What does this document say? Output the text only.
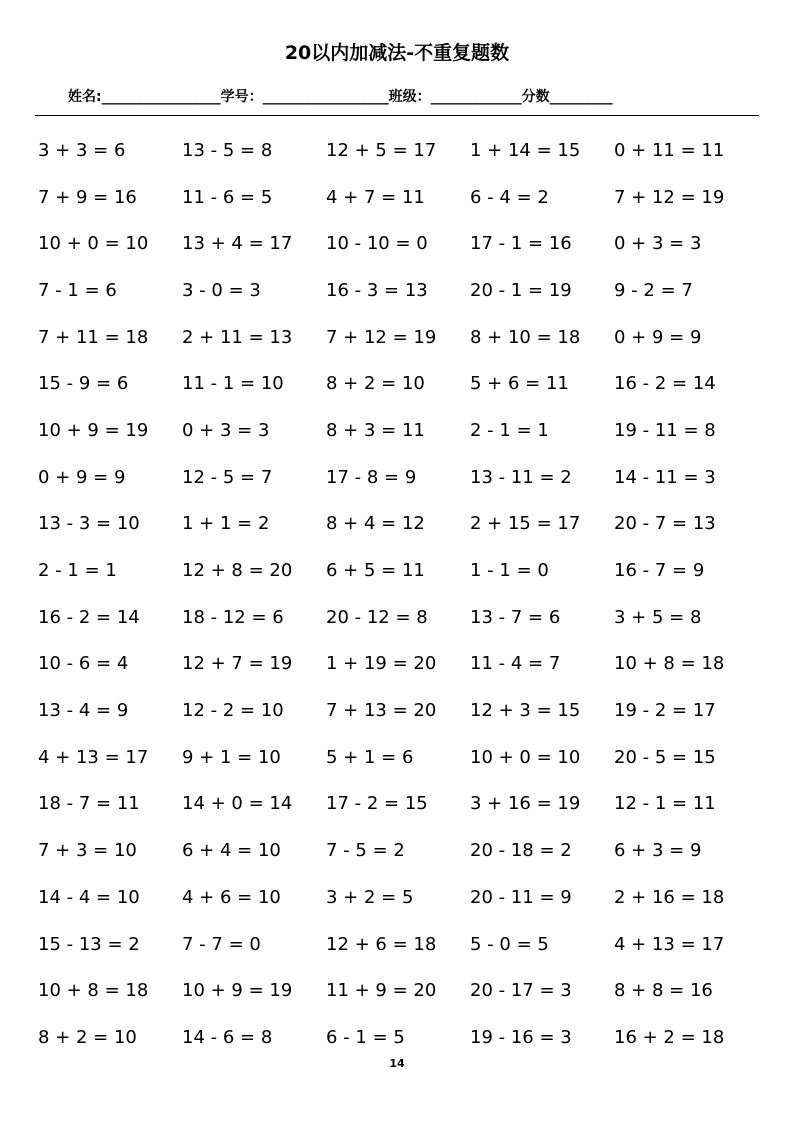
20以内加减法-不重复题数
姓名:_________________学号：__________________班级：_____________分数_________
3 + 3 = 6	13 - 5 = 8	12 + 5 = 17	1 + 14 = 15	0 + 11 = 11
7 + 9 = 16	11 - 6 = 5	4 + 7 = 11	6 - 4 = 2	7 + 12 = 19
10 + 0 = 10	13 + 4 = 17	10 - 10 = 0	17 - 1 = 16	0 + 3 = 3
7 - 1 = 6	3 - 0 = 3	16 - 3 = 13	20 - 1 = 19	9 - 2 = 7
7 + 11 = 18	2 + 11 = 13	7 + 12 = 19	8 + 10 = 18	0 + 9 = 9
15 - 9 = 6	11 - 1 = 10	8 + 2 = 10	5 + 6 = 11	16 - 2 = 14
10 + 9 = 19	0 + 3 = 3	8 + 3 = 11	2 - 1 = 1	19 - 11 = 8
0 + 9 = 9	12 - 5 = 7	17 - 8 = 9	13 - 11 = 2	14 - 11 = 3
13 - 3 = 10	1 + 1 = 2	8 + 4 = 12	2 + 15 = 17	20 - 7 = 13
2 - 1 = 1	12 + 8 = 20	6 + 5 = 11	1 - 1 = 0	16 - 7 = 9
16 - 2 = 14	18 - 12 = 6	20 - 12 = 8	13 - 7 = 6	3 + 5 = 8
10 - 6 = 4	12 + 7 = 19	1 + 19 = 20	11 - 4 = 7	10 + 8 = 18
13 - 4 = 9	12 - 2 = 10	7 + 13 = 20	12 + 3 = 15	19 - 2 = 17
4 + 13 = 17	9 + 1 = 10	5 + 1 = 6	10 + 0 = 10	20 - 5 = 15
18 - 7 = 11	14 + 0 = 14	17 - 2 = 15	3 + 16 = 19	12 - 1 = 11
7 + 3 = 10	6 + 4 = 10	7 - 5 = 2	20 - 18 = 2	6 + 3 = 9
14 - 4 = 10	4 + 6 = 10	3 + 2 = 5	20 - 11 = 9	2 + 16 = 18
15 - 13 = 2	7 - 7 = 0	12 + 6 = 18	5 - 0 = 5	4 + 13 = 17
10 + 8 = 18	10 + 9 = 19	11 + 9 = 20	20 - 17 = 3	8 + 8 = 16
8 + 2 = 10	14 - 6 = 8	6 - 1 = 5	19 - 16 = 3	16 + 2 = 18
14
